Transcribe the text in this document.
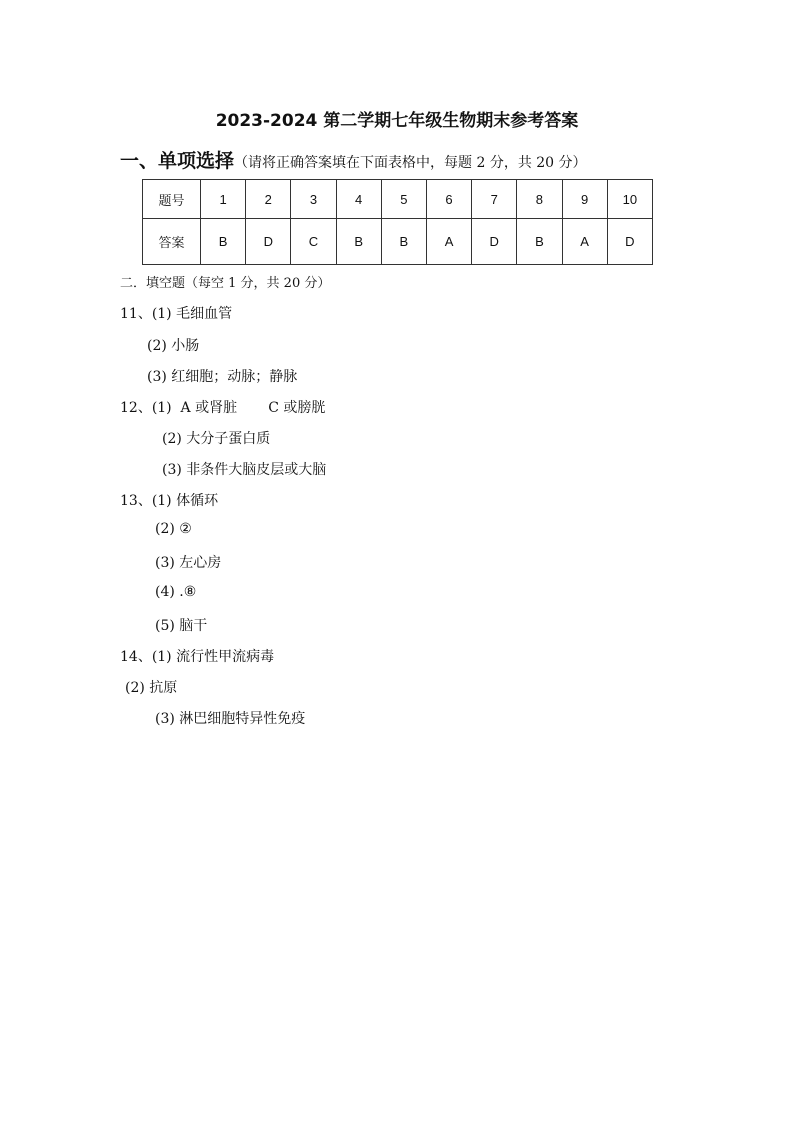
2023-2024 第二学期七年级生物期末参考答案
一、单项选择（请将正确答案填在下面表格中，每题 2 分，共 20 分）
题号	1	2	3	4	5	6	7	8	9	10
答案	B	D	C	B	B	A	D	B	A	D
二．填空题（每空 1 分，共 20 分）
11、(1) 毛细血管
(2) 小肠
(3) 红细胞；动脉；静脉
12、(1)  A 或肾脏       C 或膀胱
(2) 大分子蛋白质
(3) 非条件大脑皮层或大脑
13、(1) 体循环
(2) ②
(3) 左心房
(4) .⑧
(5) 脑干
14、(1) 流行性甲流病毒
(2) 抗原
(3) 淋巴细胞特异性免疫
